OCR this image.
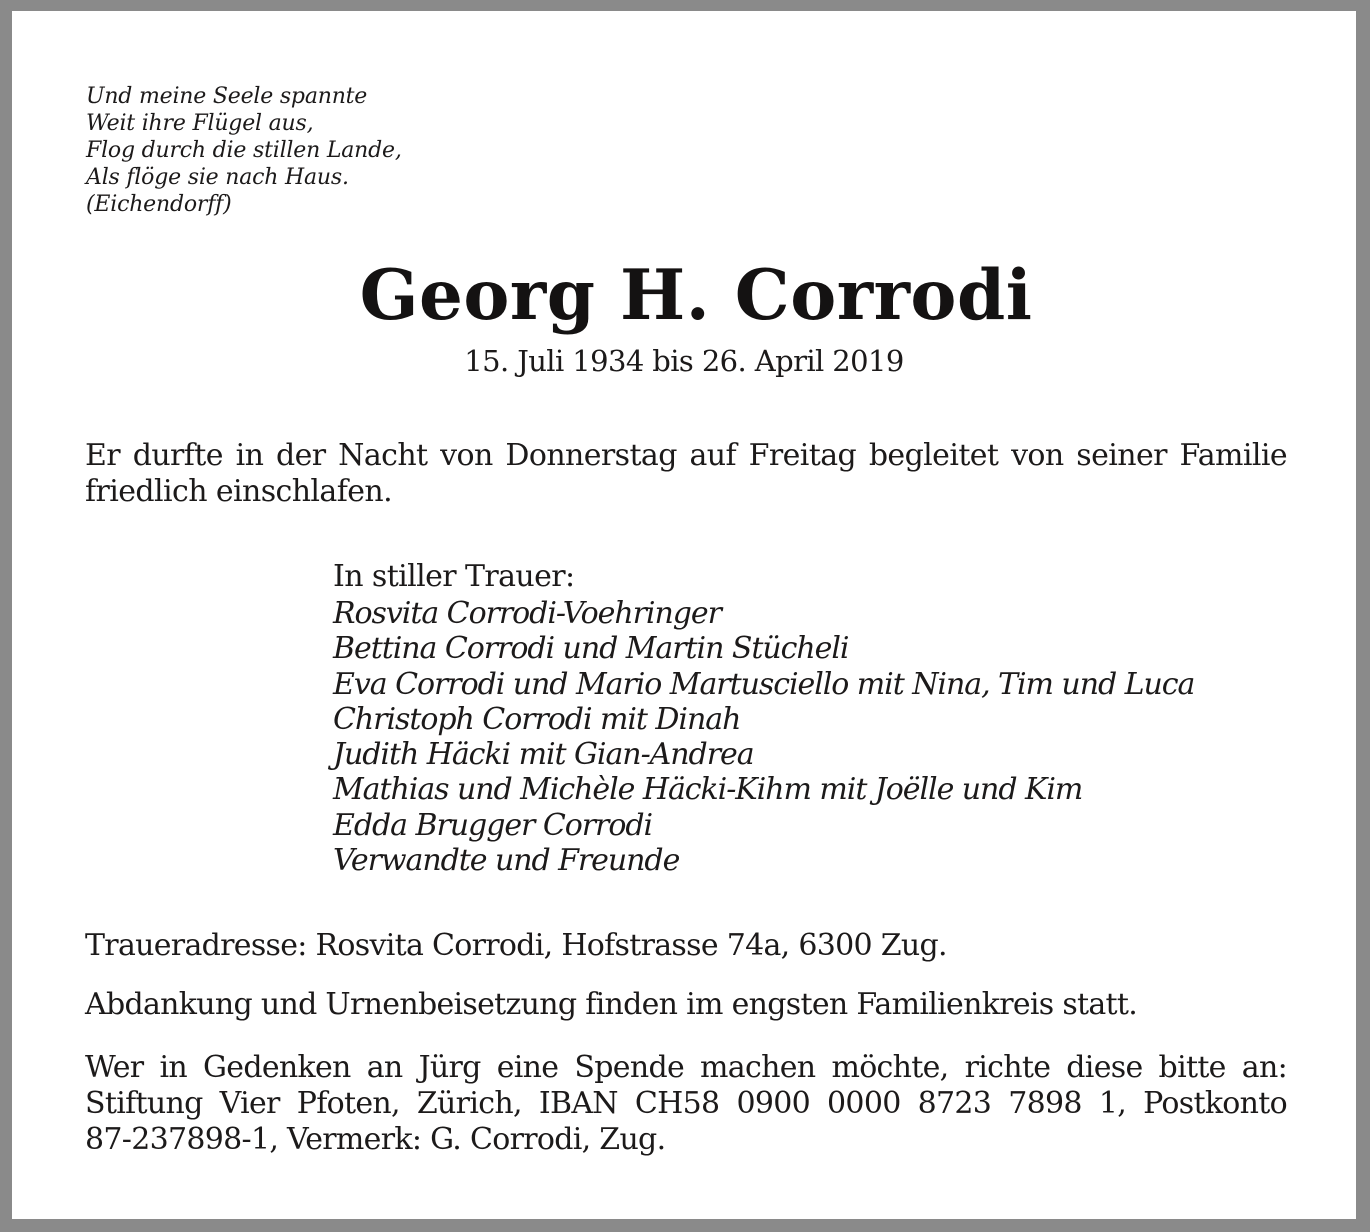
Und meine Seele spannte
Weit ihre Flügel aus,
Flog durch die stillen Lande,
Als flöge sie nach Haus.
(Eichendorff)
Georg H. Corrodi
15. Juli 1934 bis 26. April 2019
Er durfte in der Nacht von Donnerstag auf Freitag begleitet von seiner Familie friedlich einschlafen.
In stiller Trauer:
Rosvita Corrodi-Voehringer
Bettina Corrodi und Martin Stücheli
Eva Corrodi und Mario Martusciello mit Nina, Tim und Luca
Christoph Corrodi mit Dinah
Judith Häcki mit Gian-Andrea
Mathias und Michèle Häcki-Kihm mit Joëlle und Kim
Edda Brugger Corrodi
Verwandte und Freunde
Traueradresse: Rosvita Corrodi, Hofstrasse 74a, 6300 Zug.
Abdankung und Urnenbeisetzung finden im engsten Familienkreis statt.
Wer in Gedenken an Jürg eine Spende machen möchte, richte diese bitte an:
Stiftung Vier Pfoten, Zürich, IBAN CH58 0900 0000 8723 7898 1, Postkonto
87-237898-1, Vermerk: G. Corrodi, Zug.
